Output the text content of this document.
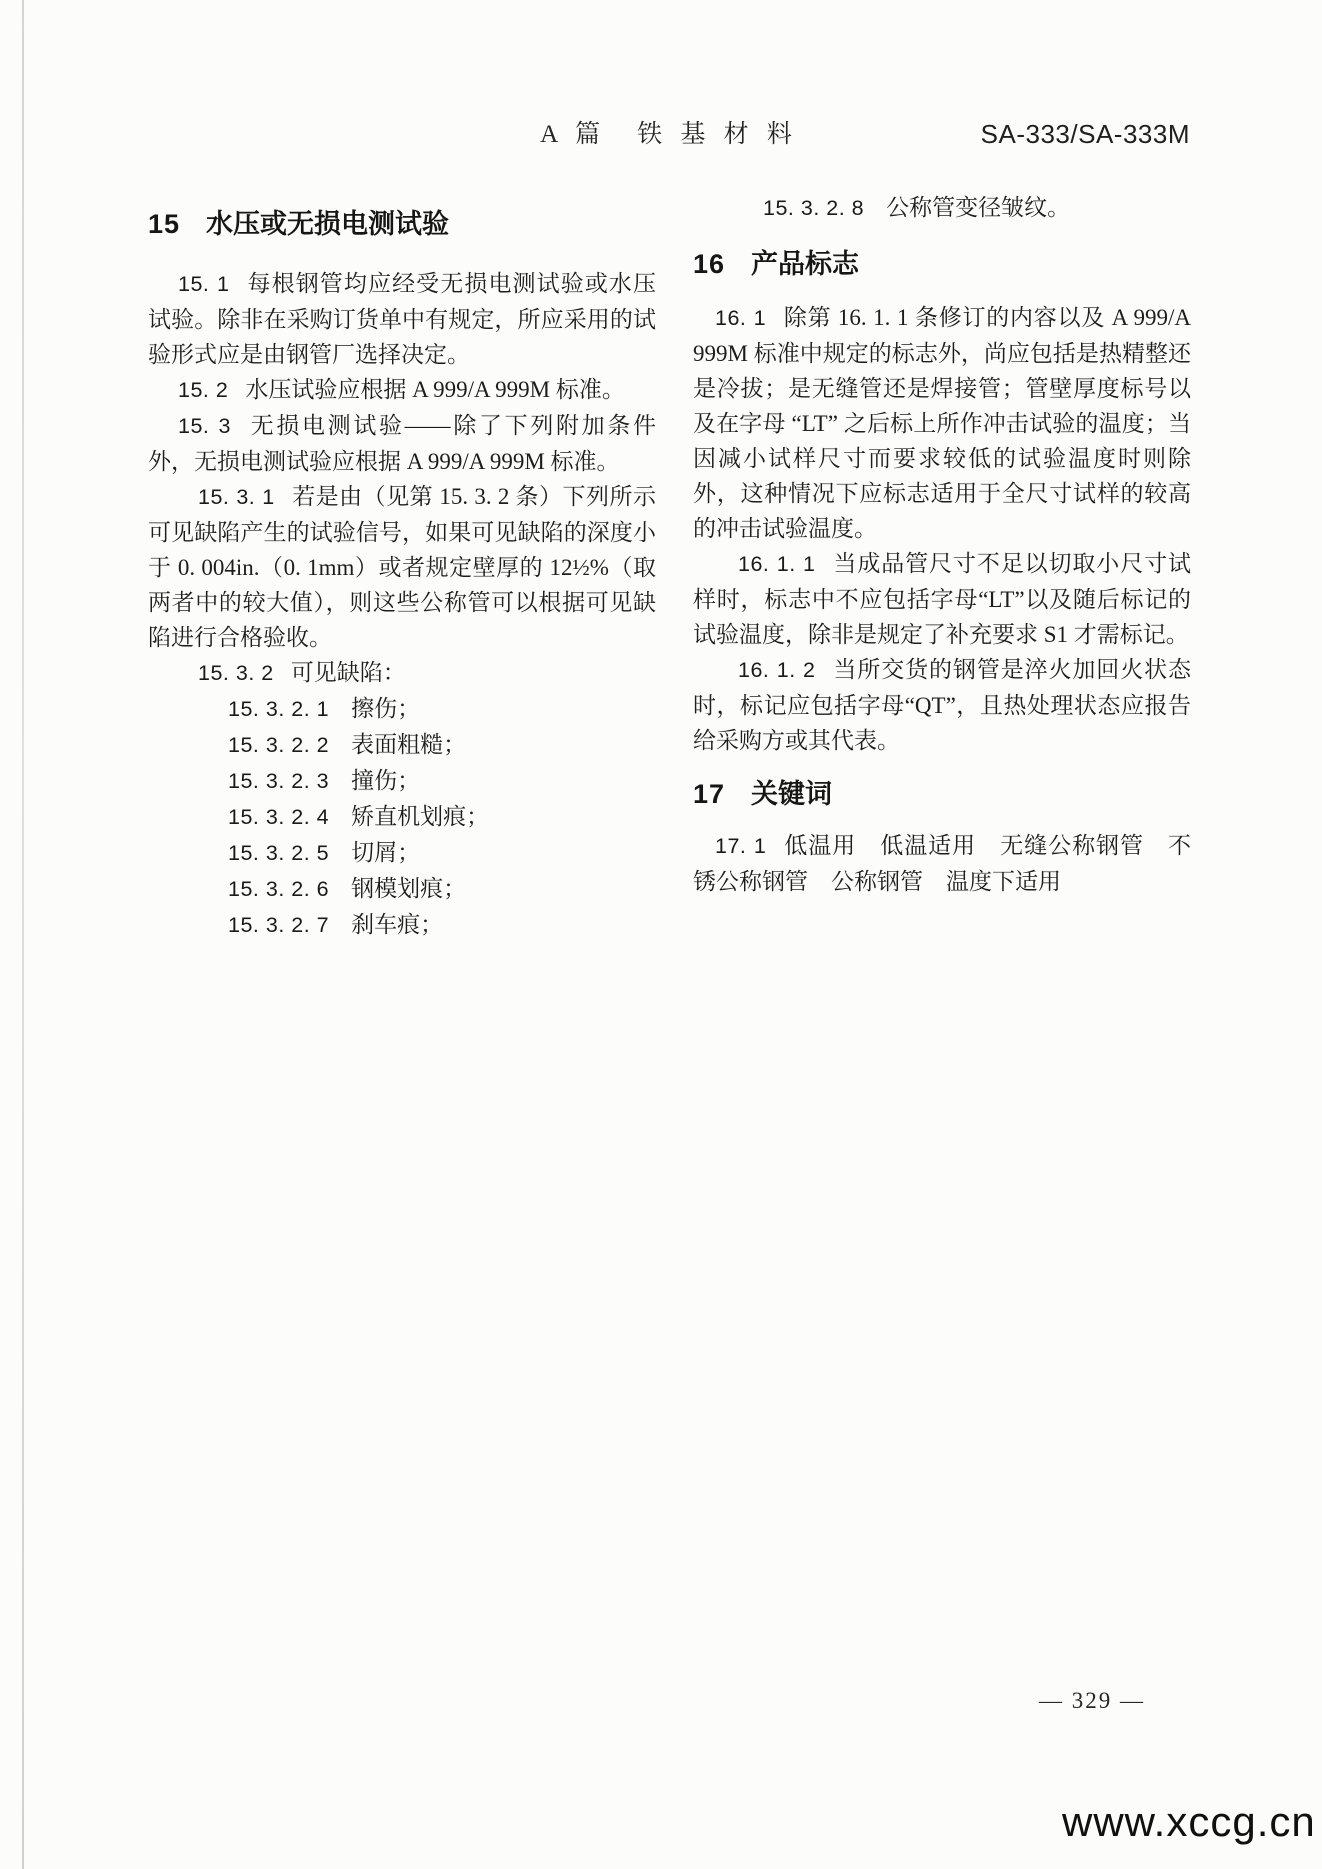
A 篇　铁 基 材 料	SA-333/SA-333M
15 水压或无损电测试验

15. 1 每根钢管均应经受无损电测试验或水压试验。除非在采购订货单中有规定，所应采用的试验形式应是由钢管厂选择决定。

15. 2 水压试验应根据 A 999/A 999M 标准。

15. 3 无损电测试验——除了下列附加条件外，无损电测试验应根据 A 999/A 999M 标准。

15. 3. 1 若是由（见第 15. 3. 2 条）下列所示可见缺陷产生的试验信号，如果可见缺陷的深度小于 0. 004in.（0. 1mm）或者规定壁厚的 12½%（取两者中的较大值），则这些公称管可以根据可见缺陷进行合格验收。

15. 3. 2 可见缺陷：

15. 3. 2. 1 擦伤；

15. 3. 2. 2 表面粗糙；

15. 3. 2. 3 撞伤；

15. 3. 2. 4 矫直机划痕；

15. 3. 2. 5 切屑；

15. 3. 2. 6 钢模划痕；

15. 3. 2. 7 刹车痕；

15. 3. 2. 8 公称管变径皱纹。

16 产品标志

16. 1 除第 16. 1. 1 条修订的内容以及 A 999/A 999M 标准中规定的标志外，尚应包括是热精整还是冷拔；是无缝管还是焊接管；管壁厚度标号以及在字母 “LT” 之后标上所作冲击试验的温度；当因减小试样尺寸而要求较低的试验温度时则除外，这种情况下应标志适用于全尺寸试样的较高的冲击试验温度。

16. 1. 1 当成品管尺寸不足以切取小尺寸试样时，标志中不应包括字母“LT”以及随后标记的试验温度，除非是规定了补充要求 S1 才需标记。

16. 1. 2 当所交货的钢管是淬火加回火状态时，标记应包括字母“QT”，且热处理状态应报告给采购方或其代表。

17 关键词

17. 1 低温用　低温适用　无缝公称钢管　不锈公称钢管　公称钢管　温度下适用

— 329 —
www.xccg.cn
